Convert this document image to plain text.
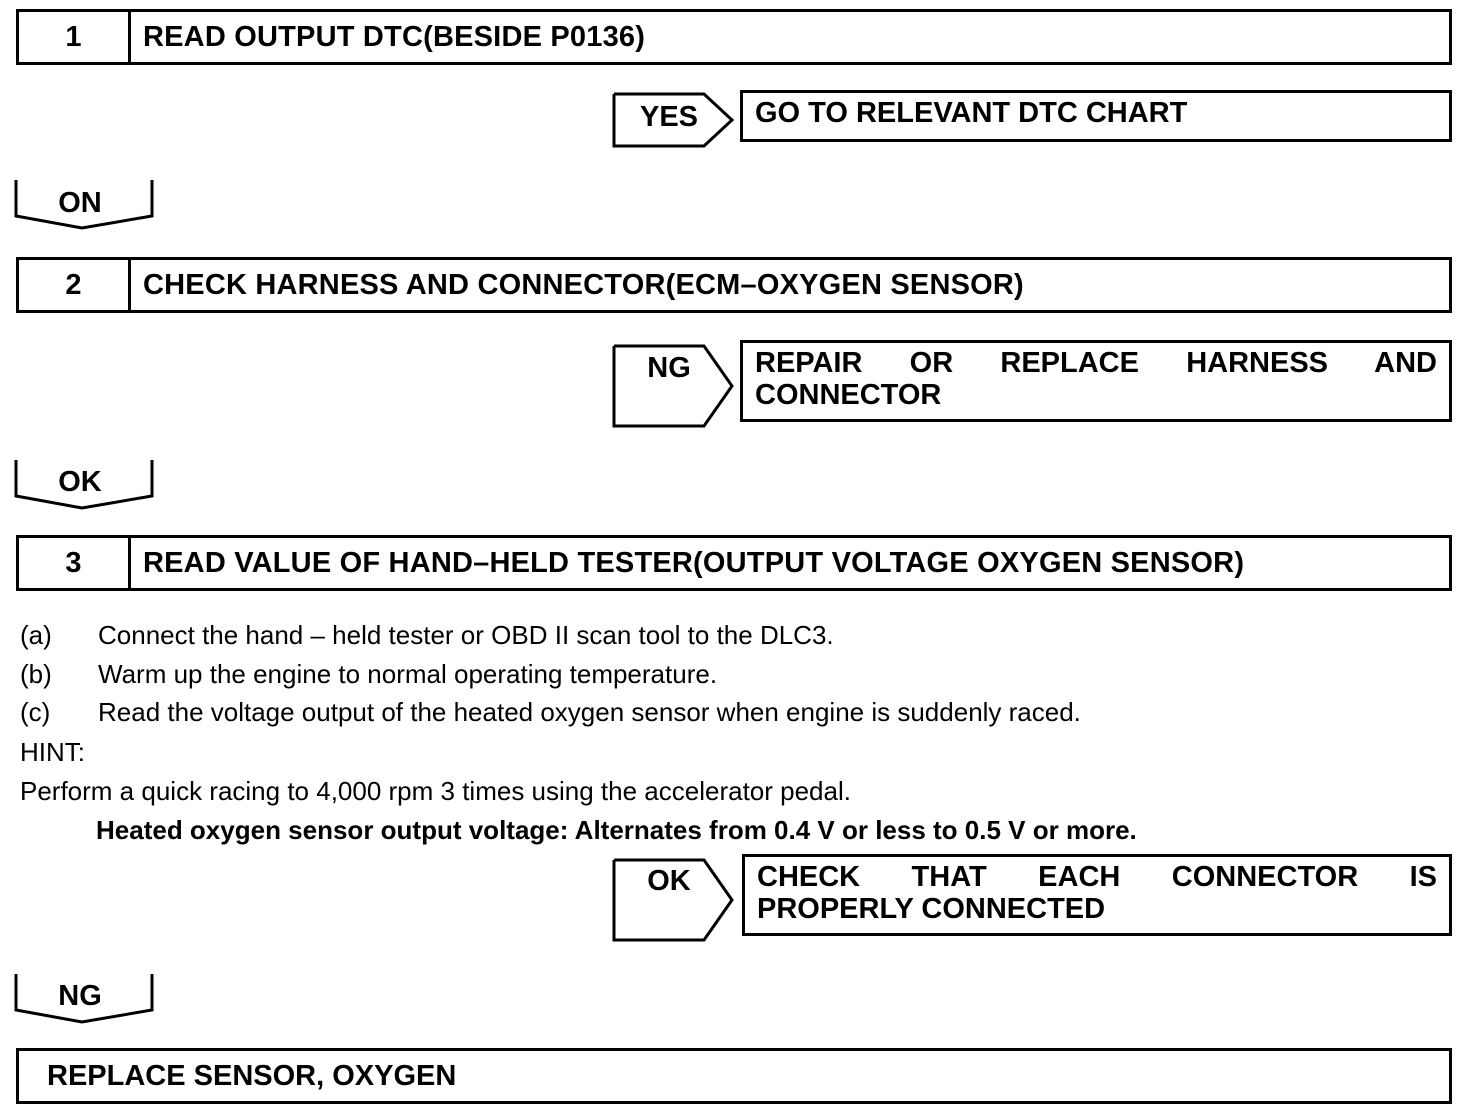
1	READ OUTPUT DTC(BESIDE P0136)
YES	GO TO RELEVANT DTC CHART
ON
2	CHECK HARNESS AND CONNECTOR(ECM–OXYGEN SENSOR)
NG	REPAIR OR REPLACE HARNESS AND
CONNECTOR
OK
3	READ VALUE OF HAND–HELD TESTER(OUTPUT VOLTAGE OXYGEN SENSOR)
(a) Connect the hand – held tester or OBD II scan tool to the DLC3.
(b) Warm up the engine to normal operating temperature.
(c) Read the voltage output of the heated oxygen sensor when engine is suddenly raced.
HINT:
Perform a quick racing to 4,000 rpm 3 times using the accelerator pedal.
Heated oxygen sensor output voltage: Alternates from 0.4 V or less to 0.5 V or more.
OK	CHECK THAT EACH CONNECTOR IS
PROPERLY CONNECTED
NG
REPLACE SENSOR, OXYGEN
